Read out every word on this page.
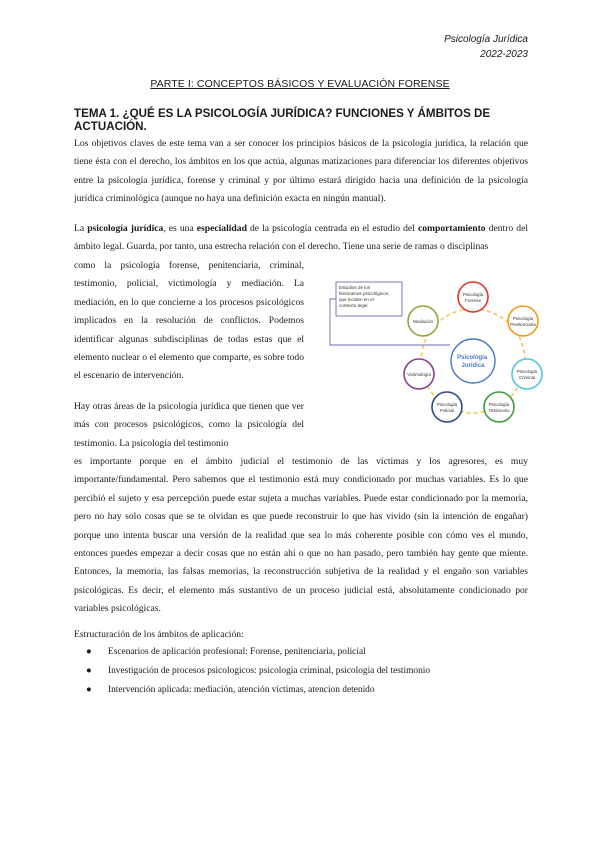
Psicología Jurídica
2022-2023
PARTE I: CONCEPTOS BÁSICOS Y EVALUACIÓN FORENSE
TEMA 1. ¿QUÉ ES LA PSICOLOGÍA JURÍDICA? FUNCIONES Y ÁMBITOS DE ACTUACIÓN.

Los objetivos claves de este tema van a ser conocer los principios básicos de la psicología jurídica, la relación que tiene ésta con el derecho, los ámbitos en los que actúa, algunas matizaciones para diferenciar los diferentes objetivos entre la psicología jurídica, forense y criminal y por último estará dirigido hacia una definición de la psicología jurídica criminológica (aunque no haya una definición exacta en ningún manual).

La psicología jurídica, es una especialidad de la psicología centrada en el estudio del comportamiento dentro del ámbito legal. Guarda, por tanto, una estrecha relación con el derecho. Tiene una serie de ramas o disciplinas

como la psicología forense, penitenciaria, criminal, testimonio, policial, victimología y mediación. La mediación, en lo que concierne a los procesos psicológicos implicados en la resolución de conflictos. Podemos identificar algunas subdisciplinas de todas estas que el elemento nuclear o el elemento que comparte, es sobre todo el escenario de intervención.

Hay otras áreas de la psicología jurídica que tienen que ver más con procesos psicológicos, como la psicología del testimonio. La psicología del testimonio

es importante porque en el ámbito judicial el testimonio de las víctimas y los agresores, es muy importante/fundamental. Pero sabemos que el testimonio está muy condicionado por muchas variables. Es lo que percibió el sujeto y esa percepción puede estar sujeta a muchas variables. Puede estar condicionado por la memoria, pero no hay solo cosas que se te olvidan es que puede reconstruir lo que has vivido (sin la intención de engañar) porque uno intenta buscar una versión de la realidad que sea lo más coherente posible con cómo ves el mundo, entonces puedes empezar a decir cosas que no están ahí o que no han pasado, pero también hay gente que miente. Entonces, la memoria, las falsas memorias, la reconstrucción subjetiva de la realidad y el engaño son variables psicológicas. Es decir, el elemento más sustantivo de un proceso judicial está, absolutamente condicionado por variables psicológicas.

Estructuración de los ámbitos de aplicación:

● Escenarios de aplicación profesional: Forense, penitenciaria, policial
● Investigación de procesos psicologicos: psicologia criminal, psicologia del testimonio
● Intervención aplicada: mediación, atención víctimas, atencion detenido
Estudios de los fenómenos psicológicos, que inciden en el contexto legal.
Psicología Jurídica
Psicología Forense
Psicología Penitenciaria
Psicología Criminal
Psicología Testimonio
Psicología Policial
Victimología
Mediación
